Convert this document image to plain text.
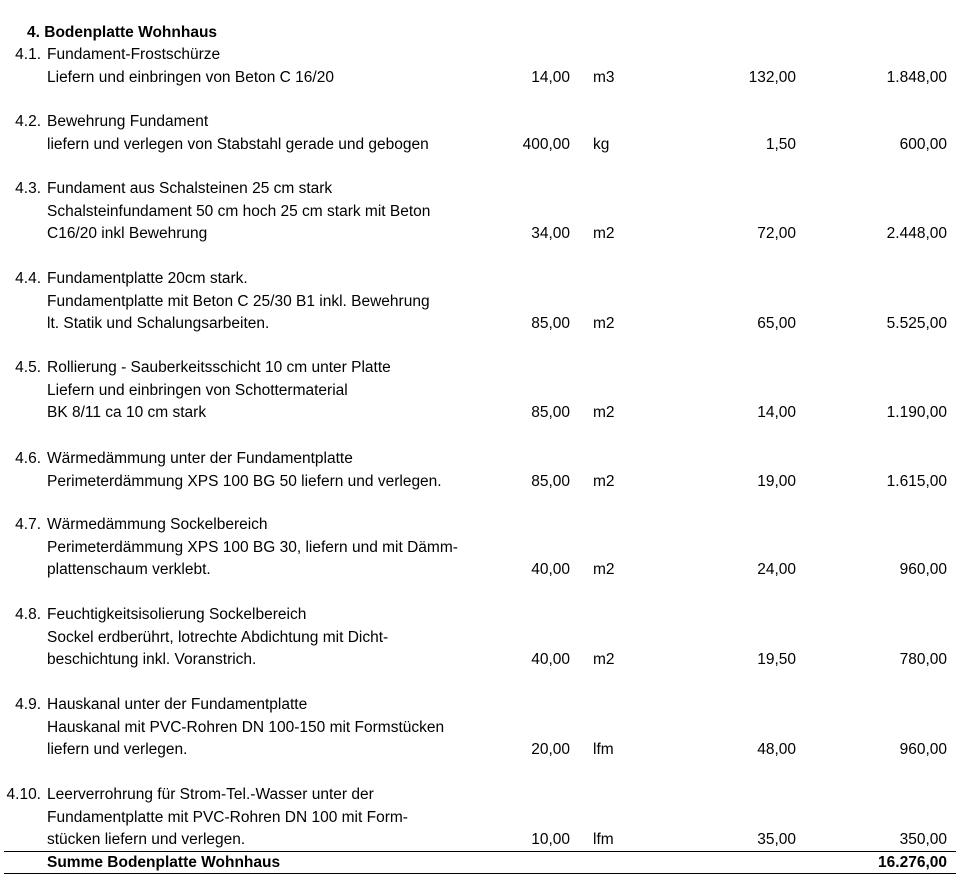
4. Bodenplatte Wohnhaus
4.1. Fundament-Frostschürze
Liefern und einbringen von Beton C 16/20	14,00 m3	132,00	1.848,00
4.2. Bewehrung Fundament
liefern und verlegen von Stabstahl gerade und gebogen	400,00 kg	1,50	600,00
4.3. Fundament aus Schalsteinen 25 cm stark
Schalsteinfundament 50 cm hoch 25 cm stark mit Beton
C16/20 inkl Bewehrung	34,00 m2	72,00	2.448,00
4.4. Fundamentplatte 20cm stark.
Fundamentplatte mit Beton C 25/30 B1 inkl. Bewehrung
lt. Statik und Schalungsarbeiten.	85,00 m2	65,00	5.525,00
4.5. Rollierung - Sauberkeitsschicht 10 cm unter Platte
Liefern und einbringen von Schottermaterial
BK 8/11 ca 10 cm stark	85,00 m2	14,00	1.190,00
4.6. Wärmedämmung unter der Fundamentplatte
Perimeterdämmung XPS 100 BG 50 liefern und verlegen.	85,00 m2	19,00	1.615,00
4.7. Wärmedämmung Sockelbereich
Perimeterdämmung XPS 100 BG 30, liefern und mit Dämm-
plattenschaum verklebt.	40,00 m2	24,00	960,00
4.8. Feuchtigkeitsisolierung Sockelbereich
Sockel erdberührt, lotrechte Abdichtung mit Dicht-
beschichtung inkl. Voranstrich.	40,00 m2	19,50	780,00
4.9. Hauskanal unter der Fundamentplatte
Hauskanal mit PVC-Rohren DN 100-150 mit Formstücken
liefern und verlegen.	20,00 lfm	48,00	960,00
4.10. Leerverrohrung für Strom-Tel.-Wasser unter der
Fundamentplatte mit PVC-Rohren DN 100 mit Form-
stücken liefern und verlegen.	10,00 lfm	35,00	350,00
Summe Bodenplatte Wohnhaus	16.276,00
